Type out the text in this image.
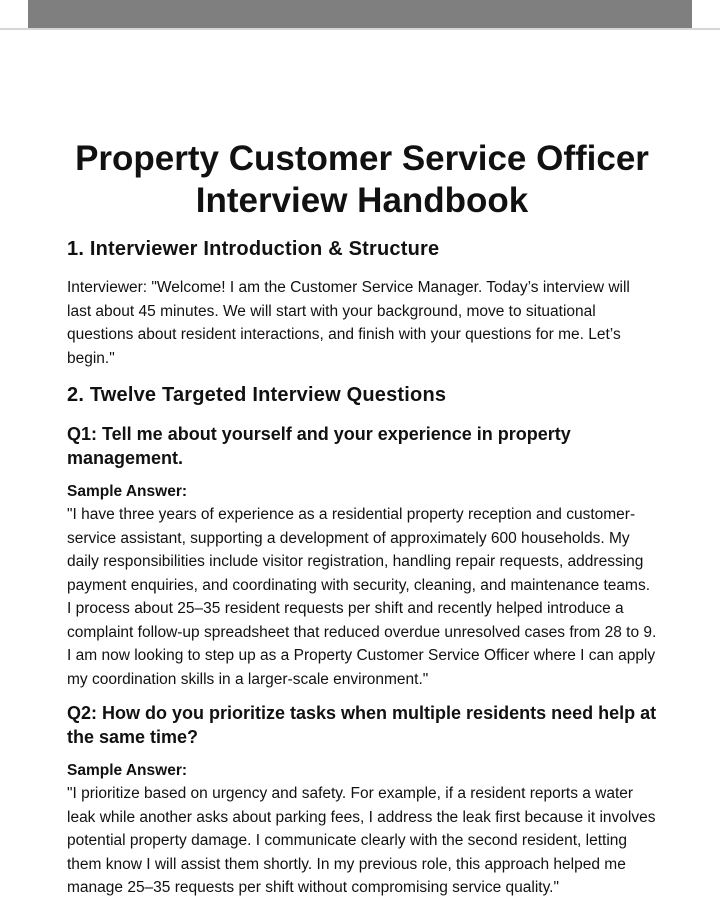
Property Customer Service Officer Interview Handbook
1. Interviewer Introduction & Structure

Interviewer: "Welcome! I am the Customer Service Manager. Today’s interview will last about 45 minutes. We will start with your background, move to situational questions about resident interactions, and finish with your questions for me. Let’s begin."

2. Twelve Targeted Interview Questions
Q1: Tell me about yourself and your experience in property management.

Sample Answer:

"I have three years of experience as a residential property reception and customer-service assistant, supporting a development of approximately 600 households. My daily responsibilities include visitor registration, handling repair requests, addressing payment enquiries, and coordinating with security, cleaning, and maintenance teams. I process about 25–35 resident requests per shift and recently helped introduce a complaint follow-up spreadsheet that reduced overdue unresolved cases from 28 to 9. I am now looking to step up as a Property Customer Service Officer where I can apply my coordination skills in a larger-scale environment."

Q2: How do you prioritize tasks when multiple residents need help at the same time?

Sample Answer:

"I prioritize based on urgency and safety. For example, if a resident reports a water leak while another asks about parking fees, I address the leak first because it involves potential property damage. I communicate clearly with the second resident, letting them know I will assist them shortly. In my previous role, this approach helped me manage 25–35 requests per shift without compromising service quality."
